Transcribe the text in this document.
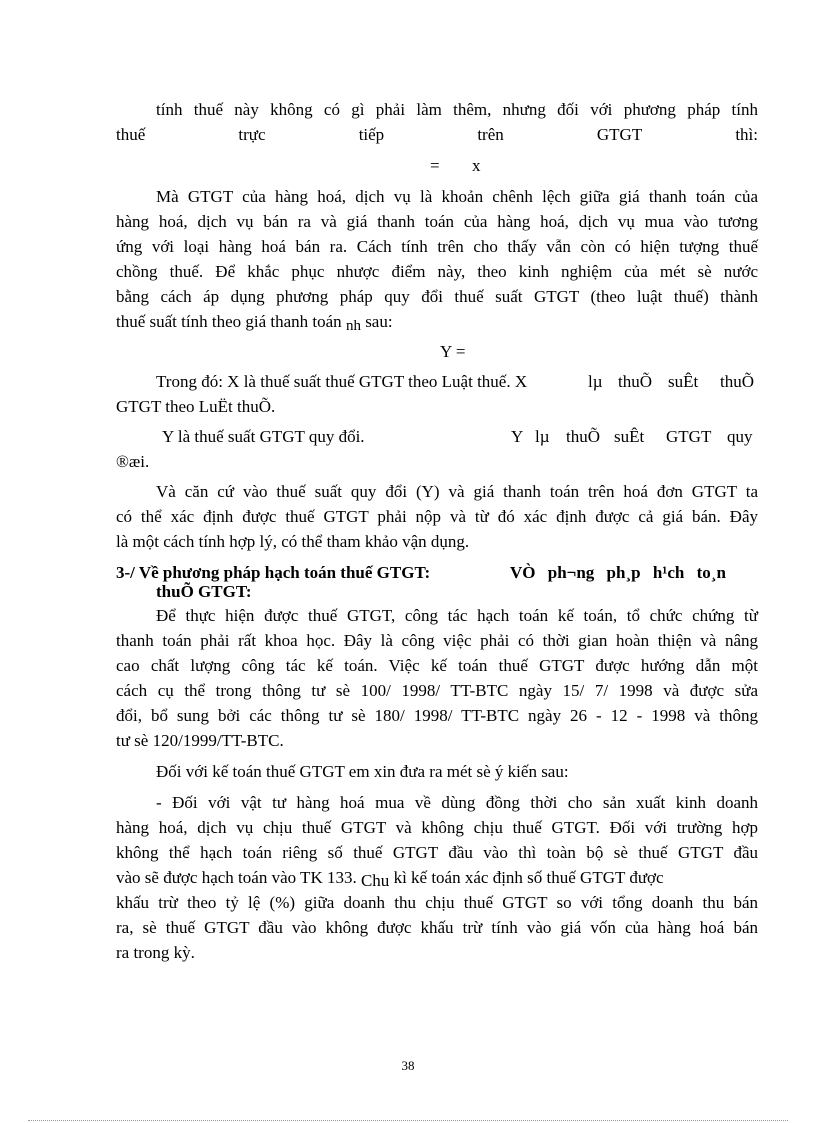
tính thuế này không có gì phải làm thêm, nhưng đối với phương pháp tính

thuế	trực	tiếp	trên	GTGT	thì:
= x

Mà GTGT của hàng hoá, dịch vụ là khoản chênh lệch giữa giá thanh toán của

hàng hoá, dịch vụ bán ra và giá thanh toán của hàng hoá, dịch vụ mua vào tương

ứng với loại hàng hoá bán ra. Cách tính trên cho thấy vẫn còn có hiện tượng thuế

chồng thuế. Để khắc phục nhược điểm này, theo kinh nghiệm của mét sè nước

bằng cách áp dụng phương pháp quy đổi thuế suất GTGT (theo luật thuế) thành

thuế suất tính theo giá thanh toán nh sau:
Y =
Trong đó: X là thuế suất thuế GTGT theo Luật thuế. X	lµ thuÕ suÊt thuÕ

GTGT theo LuËt thuÕ.

Y là thuế suất GTGT quy đổi.	Y lµ thuÕ suÊt GTGT quy

®æi.

Và căn cứ vào thuế suất quy đổi (Y) và giá thanh toán trên hoá đơn GTGT ta

có thể xác định được thuế GTGT phải nộp và từ đó xác định được cả giá bán. Đây

là một cách tính hợp lý, có thể tham khảo vận dụng.

3-/ Về phương pháp hạch toán thuế GTGT:	VÒ ph¬ng ph¸p h¹ch to¸n

thuÕ GTGT:

Để thực hiện được thuế GTGT, công tác hạch toán kế toán, tổ chức chứng từ

thanh toán phải rất khoa học. Đây là công việc phải có thời gian hoàn thiện và nâng

cao chất lượng công tác kế toán. Việc kế toán thuế GTGT được hướng dẫn một

cách cụ thể trong thông tư sè 100/ 1998/ TT-BTC ngày 15/ 7/ 1998 và được sửa

đổi, bổ sung bởi các thông tư sè 180/ 1998/ TT-BTC ngày 26 - 12 - 1998 và thông

tư sè 120/1999/TT-BTC.

Đối với kế toán thuế GTGT em xin đưa ra mét sè ý kiến sau:

- Đối với vật tư hàng hoá mua về dùng đồng thời cho sản xuất kinh doanh

hàng hoá, dịch vụ chịu thuế GTGT và không chịu thuế GTGT. Đối với trường hợp

không thể hạch toán riêng số thuế GTGT đầu vào thì toàn bộ sè thuế GTGT đầu

vào sẽ được hạch toán vào TK 133. Chu kì kế toán xác định số thuế GTGT được

khấu trừ theo tỷ lệ (%) giữa doanh thu chịu thuế GTGT so với tổng doanh thu bán

ra, sè thuế GTGT đầu vào không được khấu trừ tính vào giá vốn của hàng hoá bán

ra trong kỳ.

38
